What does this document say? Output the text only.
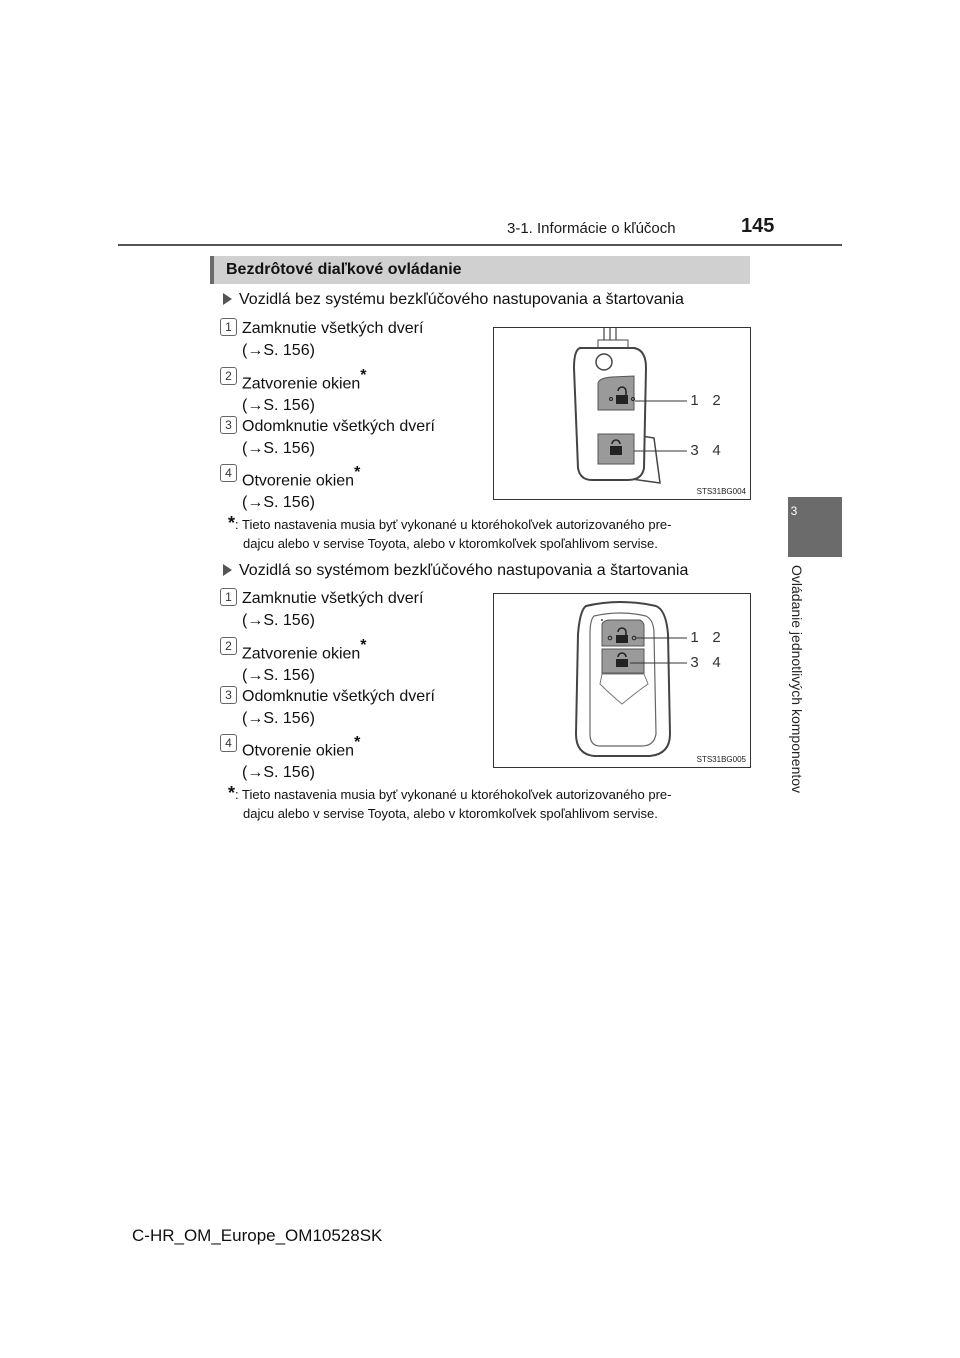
3-1. Informácie o kľúčoch	145
3
Ovládanie jednotlivých komponentov
Bezdrôtové diaľkové ovládanie
Vozidlá bez systému bezkľúčového nastupovania a štartovania
1 Zamknutie všetkých dverí
(→S. 156)
2 Zatvorenie okien*
(→S. 156)
3 Odomknutie všetkých dverí
(→S. 156)
4 Otvorenie okien*
(→S. 156)
1 2
3 4
STS31BG004
*: Tieto nastavenia musia byť vykonané u ktoréhokoľvek autorizovaného pre-
dajcu alebo v servise Toyota, alebo v ktoromkoľvek spoľahlivom servise.
Vozidlá so systémom bezkľúčového nastupovania a štartovania
1 Zamknutie všetkých dverí
(→S. 156)
2 Zatvorenie okien*
(→S. 156)
3 Odomknutie všetkých dverí
(→S. 156)
4 Otvorenie okien*
(→S. 156)
1 2
3 4
STS31BG005
*: Tieto nastavenia musia byť vykonané u ktoréhokoľvek autorizovaného pre-
dajcu alebo v servise Toyota, alebo v ktoromkoľvek spoľahlivom servise.
C-HR_OM_Europe_OM10528SK
